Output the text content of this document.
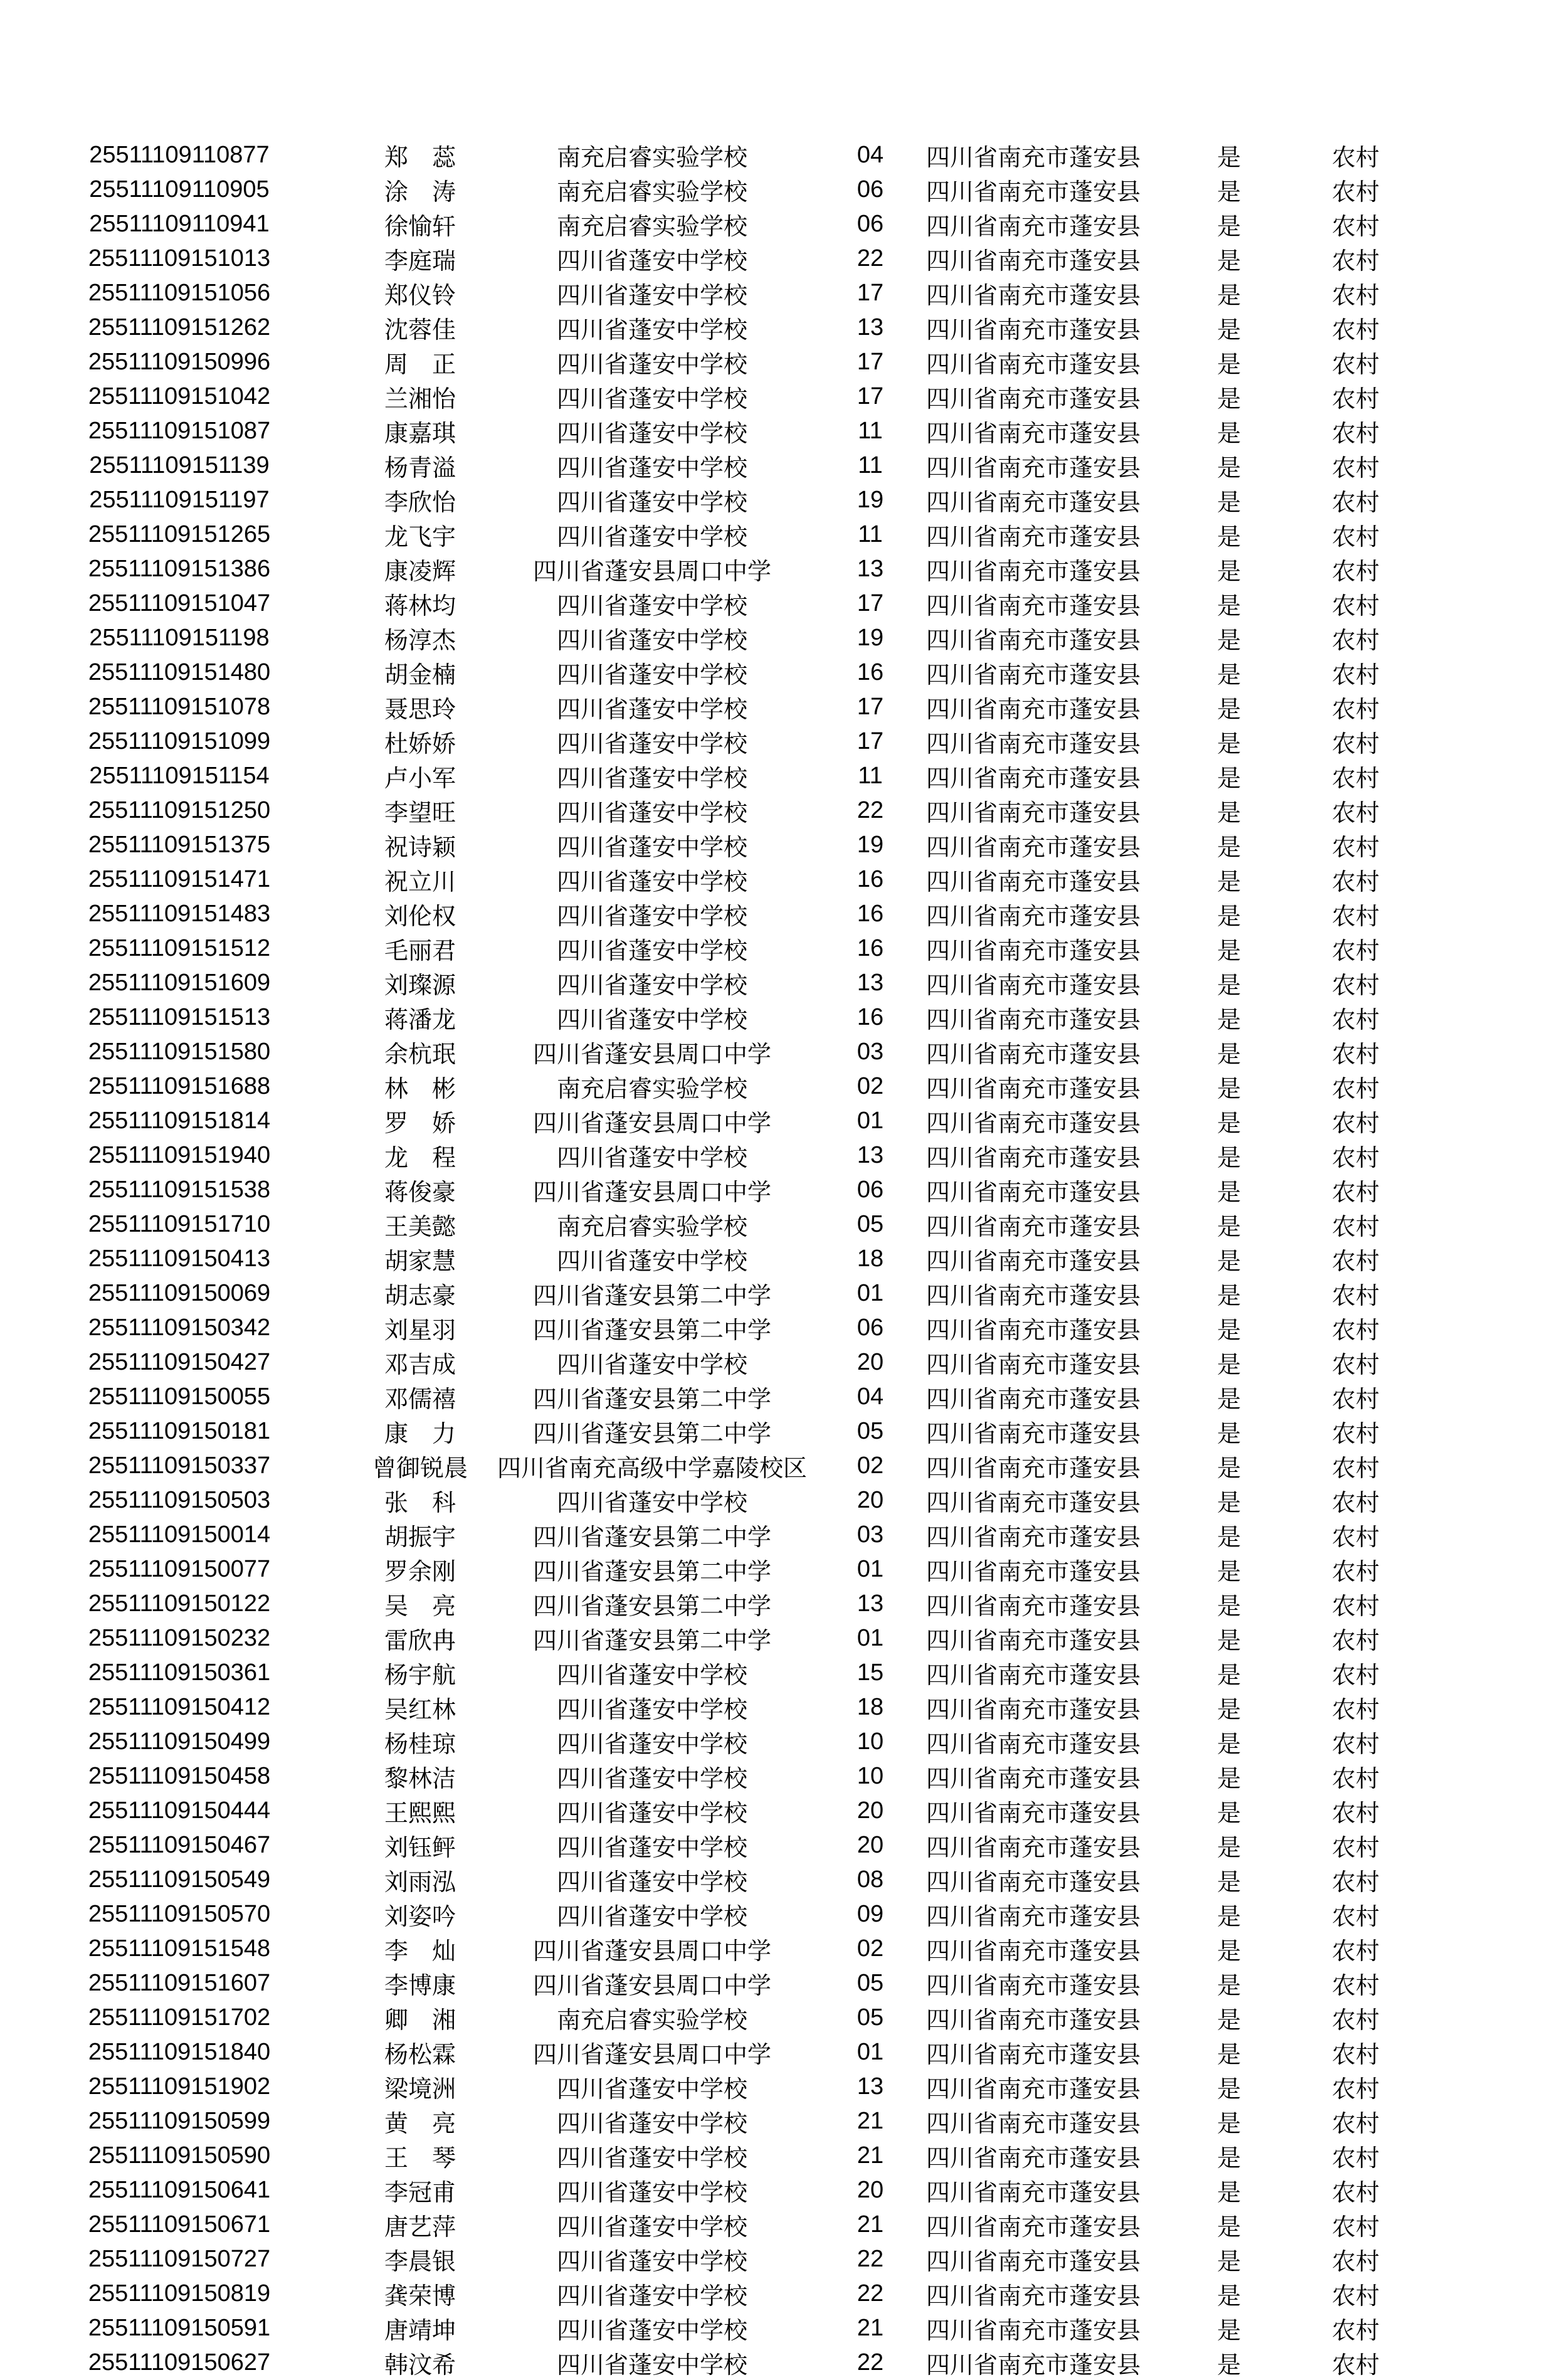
25511109110877	郑　蕊	南充启睿实验学校	04	四川省南充市蓬安县	是	农村	
25511109110905	涂　涛	南充启睿实验学校	06	四川省南充市蓬安县	是	农村	
25511109110941	徐愉轩	南充启睿实验学校	06	四川省南充市蓬安县	是	农村	
25511109151013	李庭瑞	四川省蓬安中学校	22	四川省南充市蓬安县	是	农村	
25511109151056	郑仪铃	四川省蓬安中学校	17	四川省南充市蓬安县	是	农村	
25511109151262	沈蓉佳	四川省蓬安中学校	13	四川省南充市蓬安县	是	农村	
25511109150996	周　正	四川省蓬安中学校	17	四川省南充市蓬安县	是	农村	
25511109151042	兰湘怡	四川省蓬安中学校	17	四川省南充市蓬安县	是	农村	
25511109151087	康嘉琪	四川省蓬安中学校	11	四川省南充市蓬安县	是	农村	
25511109151139	杨青溢	四川省蓬安中学校	11	四川省南充市蓬安县	是	农村	
25511109151197	李欣怡	四川省蓬安中学校	19	四川省南充市蓬安县	是	农村	
25511109151265	龙飞宇	四川省蓬安中学校	11	四川省南充市蓬安县	是	农村	
25511109151386	康凌辉	四川省蓬安县周口中学	13	四川省南充市蓬安县	是	农村	
25511109151047	蒋林均	四川省蓬安中学校	17	四川省南充市蓬安县	是	农村	
25511109151198	杨淳杰	四川省蓬安中学校	19	四川省南充市蓬安县	是	农村	
25511109151480	胡金楠	四川省蓬安中学校	16	四川省南充市蓬安县	是	农村	
25511109151078	聂思玲	四川省蓬安中学校	17	四川省南充市蓬安县	是	农村	
25511109151099	杜娇娇	四川省蓬安中学校	17	四川省南充市蓬安县	是	农村	
25511109151154	卢小军	四川省蓬安中学校	11	四川省南充市蓬安县	是	农村	
25511109151250	李望旺	四川省蓬安中学校	22	四川省南充市蓬安县	是	农村	
25511109151375	祝诗颖	四川省蓬安中学校	19	四川省南充市蓬安县	是	农村	
25511109151471	祝立川	四川省蓬安中学校	16	四川省南充市蓬安县	是	农村	
25511109151483	刘伦权	四川省蓬安中学校	16	四川省南充市蓬安县	是	农村	
25511109151512	毛丽君	四川省蓬安中学校	16	四川省南充市蓬安县	是	农村	
25511109151609	刘璨源	四川省蓬安中学校	13	四川省南充市蓬安县	是	农村	
25511109151513	蒋潘龙	四川省蓬安中学校	16	四川省南充市蓬安县	是	农村	
25511109151580	余杭珉	四川省蓬安县周口中学	03	四川省南充市蓬安县	是	农村	
25511109151688	林　彬	南充启睿实验学校	02	四川省南充市蓬安县	是	农村	
25511109151814	罗　娇	四川省蓬安县周口中学	01	四川省南充市蓬安县	是	农村	
25511109151940	龙　程	四川省蓬安中学校	13	四川省南充市蓬安县	是	农村	
25511109151538	蒋俊豪	四川省蓬安县周口中学	06	四川省南充市蓬安县	是	农村	
25511109151710	王美懿	南充启睿实验学校	05	四川省南充市蓬安县	是	农村	
25511109150413	胡家慧	四川省蓬安中学校	18	四川省南充市蓬安县	是	农村	
25511109150069	胡志豪	四川省蓬安县第二中学	01	四川省南充市蓬安县	是	农村	
25511109150342	刘星羽	四川省蓬安县第二中学	06	四川省南充市蓬安县	是	农村	
25511109150427	邓吉成	四川省蓬安中学校	20	四川省南充市蓬安县	是	农村	
25511109150055	邓儒禧	四川省蓬安县第二中学	04	四川省南充市蓬安县	是	农村	
25511109150181	康　力	四川省蓬安县第二中学	05	四川省南充市蓬安县	是	农村	
25511109150337	曾御锐晨	四川省南充高级中学嘉陵校区	02	四川省南充市蓬安县	是	农村	
25511109150503	张　科	四川省蓬安中学校	20	四川省南充市蓬安县	是	农村	
25511109150014	胡振宇	四川省蓬安县第二中学	03	四川省南充市蓬安县	是	农村	
25511109150077	罗余刚	四川省蓬安县第二中学	01	四川省南充市蓬安县	是	农村	
25511109150122	吴　亮	四川省蓬安县第二中学	13	四川省南充市蓬安县	是	农村	
25511109150232	雷欣冉	四川省蓬安县第二中学	01	四川省南充市蓬安县	是	农村	
25511109150361	杨宇航	四川省蓬安中学校	15	四川省南充市蓬安县	是	农村	
25511109150412	吴红林	四川省蓬安中学校	18	四川省南充市蓬安县	是	农村	
25511109150499	杨桂琼	四川省蓬安中学校	10	四川省南充市蓬安县	是	农村	
25511109150458	黎林洁	四川省蓬安中学校	10	四川省南充市蓬安县	是	农村	
25511109150444	王熙熙	四川省蓬安中学校	20	四川省南充市蓬安县	是	农村	
25511109150467	刘钰鲆	四川省蓬安中学校	20	四川省南充市蓬安县	是	农村	
25511109150549	刘雨泓	四川省蓬安中学校	08	四川省南充市蓬安县	是	农村	
25511109150570	刘姿吟	四川省蓬安中学校	09	四川省南充市蓬安县	是	农村	
25511109151548	李　灿	四川省蓬安县周口中学	02	四川省南充市蓬安县	是	农村	
25511109151607	李博康	四川省蓬安县周口中学	05	四川省南充市蓬安县	是	农村	
25511109151702	卿　湘	南充启睿实验学校	05	四川省南充市蓬安县	是	农村	
25511109151840	杨松霖	四川省蓬安县周口中学	01	四川省南充市蓬安县	是	农村	
25511109151902	梁境洲	四川省蓬安中学校	13	四川省南充市蓬安县	是	农村	
25511109150599	黄　亮	四川省蓬安中学校	21	四川省南充市蓬安县	是	农村	
25511109150590	王　琴	四川省蓬安中学校	21	四川省南充市蓬安县	是	农村	
25511109150641	李冠甫	四川省蓬安中学校	20	四川省南充市蓬安县	是	农村	
25511109150671	唐艺萍	四川省蓬安中学校	21	四川省南充市蓬安县	是	农村	
25511109150727	李晨银	四川省蓬安中学校	22	四川省南充市蓬安县	是	农村	
25511109150819	龚荣博	四川省蓬安中学校	22	四川省南充市蓬安县	是	农村	
25511109150591	唐靖坤	四川省蓬安中学校	21	四川省南充市蓬安县	是	农村	
25511109150627	韩汶希	四川省蓬安中学校	22	四川省南充市蓬安县	是	农村	
